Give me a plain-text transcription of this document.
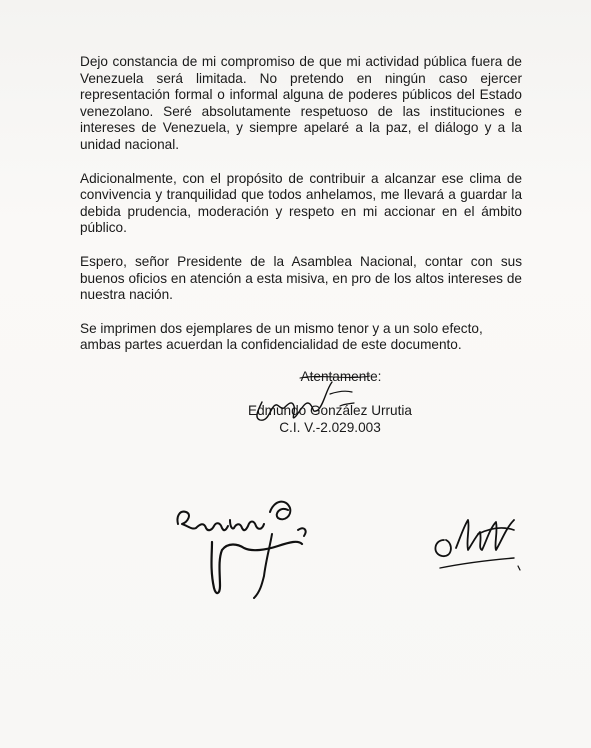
Dejo constancia de mi compromiso de que mi actividad pública fuera de Venezuela será limitada. No pretendo en ningún caso ejercer representación formal o informal alguna de poderes públicos del Estado venezolano. Seré absolutamente respetuoso de las instituciones e intereses de Venezuela, y siempre apelaré a la paz, el diálogo y a la unidad nacional.

Adicionalmente, con el propósito de contribuir a alcanzar ese clima de convivencia y tranquilidad que todos anhelamos, me llevará a guardar la debida prudencia, moderación y respeto en mi accionar en el ámbito público.

Espero, señor Presidente de la Asamblea Nacional, contar con sus buenos oficios en atención a esta misiva, en pro de los altos intereses de nuestra nación.

Se imprimen dos ejemplares de un mismo tenor y a un solo efecto, ambas partes acuerdan la confidencialidad de este documento.

Atentamente:
Edmundo González Urrutia
C.I. V.-2.029.003
